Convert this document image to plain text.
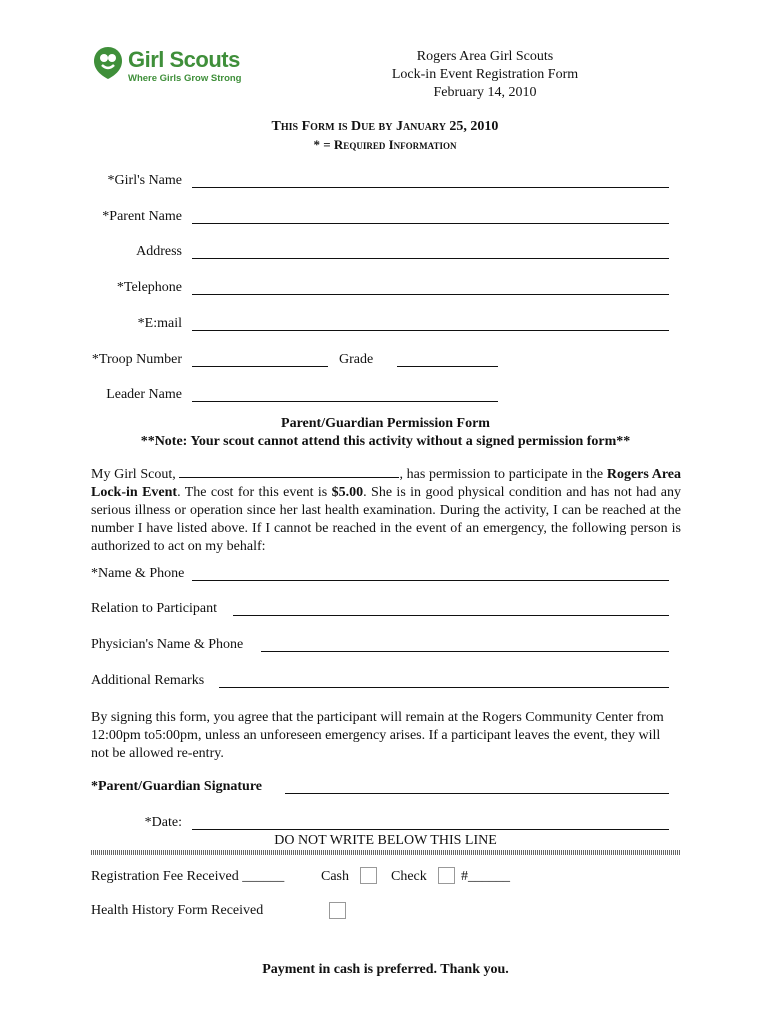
Girl Scouts
Where Girls Grow Strong
Rogers Area Girl Scouts
Lock-in Event Registration Form
February 14, 2010
This Form is Due by January 25, 2010
* = Required Information
*Girl's Name
*Parent Name
Address
*Telephone
*E:mail
*Troop Number	Grade
Leader Name
Parent/Guardian Permission Form
**Note: Your scout cannot attend this activity without a signed permission form**
My Girl Scout,	, has permission to participate in the Rogers Area Lock-in Event. The cost for this event is $5.00. She is in good physical condition and has not had any serious illness or operation since her last health examination. During the activity, I can be reached at the number I have listed above. If I cannot be reached in the event of an emergency, the following person is authorized to act on my behalf:
*Name & Phone
Relation to Participant
Physician's Name & Phone
Additional Remarks
By signing this form, you agree that the participant will remain at the Rogers Community Center from 12:00pm to5:00pm, unless an unforeseen emergency arises. If a participant leaves the event, they will not be allowed re-entry.
*Parent/Guardian Signature
*Date:
DO NOT WRITE BELOW THIS LINE
Registration Fee Received ______	Cash	Check #______
Health History Form Received
Payment in cash is preferred. Thank you.
